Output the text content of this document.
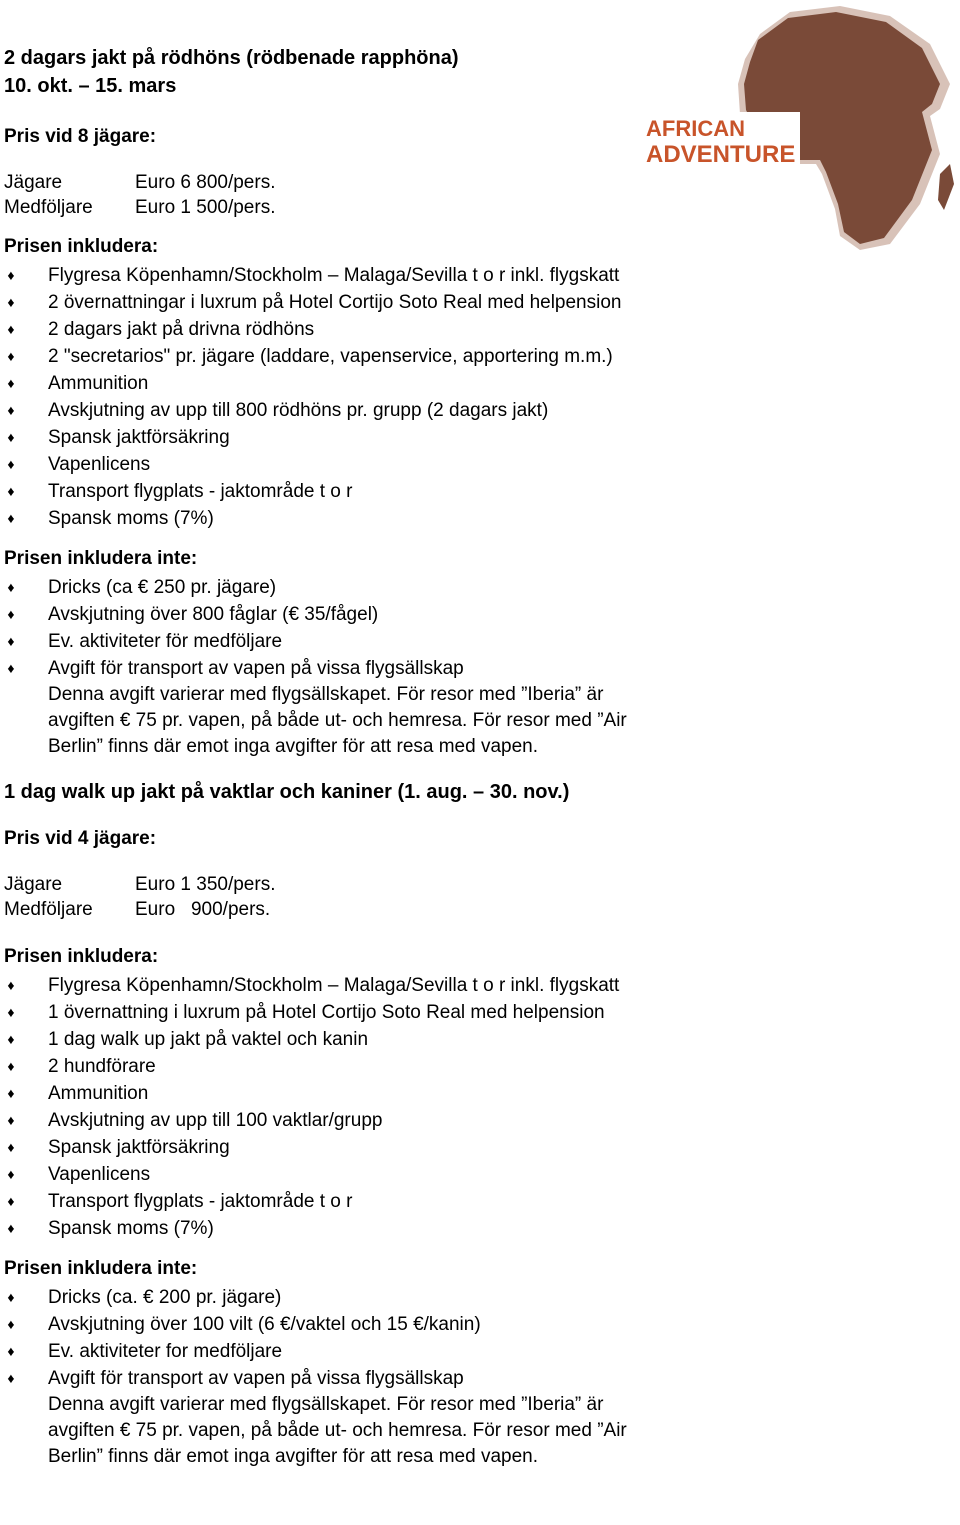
AFRICAN
ADVENTURE
2 dagars jakt på rödhöns (rödbenade rapphöna)
10. okt. – 15. mars
Pris vid 8 jägare:
Jägare	Euro 6 800/pers.
Medföljare	Euro 1 500/pers.
Prisen inkludera:
♦ Flygresa Köpenhamn/Stockholm – Malaga/Sevilla t o r inkl. flygskatt
♦ 2 övernattningar i luxrum på Hotel Cortijo Soto Real med helpension
♦ 2 dagars jakt på drivna rödhöns
♦ 2 "secretarios" pr. jägare (laddare, vapenservice, apportering m.m.)
♦ Ammunition
♦ Avskjutning av upp till 800 rödhöns pr. grupp (2 dagars jakt)
♦ Spansk jaktförsäkring
♦ Vapenlicens
♦ Transport flygplats - jaktområde t o r
♦ Spansk moms (7%)
Prisen inkludera inte:
♦ Dricks (ca € 250 pr. jägare)
♦ Avskjutning över 800 fåglar (€ 35/fågel)
♦ Ev. aktiviteter för medföljare
♦ Avgift för transport av vapen på vissa flygsällskap
Denna avgift varierar med flygsällskapet. För resor med ”Iberia” är
avgiften € 75 pr. vapen, på både ut- och hemresa. För resor med ”Air
Berlin” finns där emot inga avgifter för att resa med vapen.
1 dag walk up jakt på vaktlar och kaniner (1. aug. – 30. nov.)
Pris vid 4 jägare:
Jägare	Euro 1 350/pers.
Medföljare	Euro   900/pers.
Prisen inkludera:
♦ Flygresa Köpenhamn/Stockholm – Malaga/Sevilla t o r inkl. flygskatt
♦ 1 övernattning i luxrum på Hotel Cortijo Soto Real med helpension
♦ 1 dag walk up jakt på vaktel och kanin
♦ 2 hundförare
♦ Ammunition
♦ Avskjutning av upp till 100 vaktlar/grupp
♦ Spansk jaktförsäkring
♦ Vapenlicens
♦ Transport flygplats - jaktområde t o r
♦ Spansk moms (7%)
Prisen inkludera inte:
♦ Dricks (ca. € 200 pr. jägare)
♦ Avskjutning över 100 vilt (6 €/vaktel och 15 €/kanin)
♦ Ev. aktiviteter for medföljare
♦ Avgift för transport av vapen på vissa flygsällskap
Denna avgift varierar med flygsällskapet. För resor med ”Iberia” är
avgiften € 75 pr. vapen, på både ut- och hemresa. För resor med ”Air
Berlin” finns där emot inga avgifter för att resa med vapen.
